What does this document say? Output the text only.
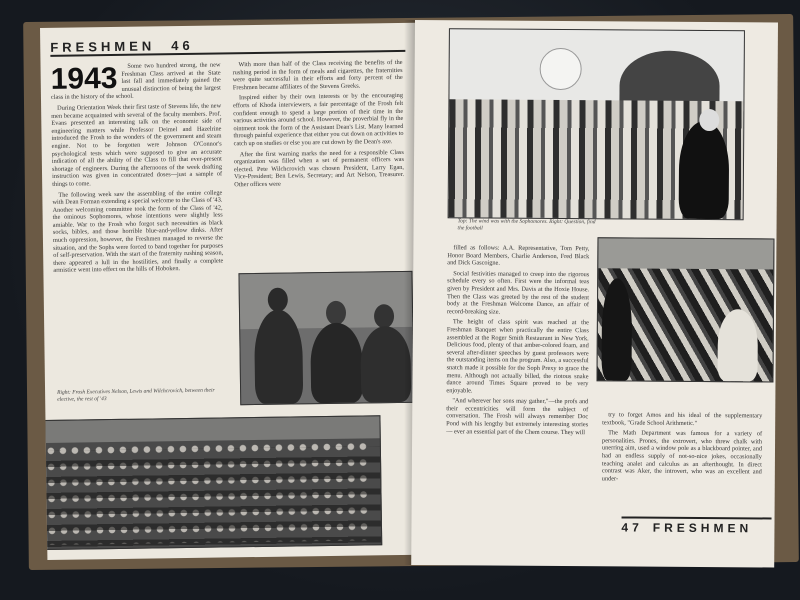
FRESHMEN 46
1943	Some two hundred strong, the new Freshman Class arrived at the State last fall and immediately gained the unusual distinction of being the largest class in the history of the school.

During Orientation Week their first taste of Stevens life, the new men became acquainted with several of the faculty members. Prof. Evans presented an interesting talk on the economic side of engineering matters while Professor Deimel and Hazelrine introduced the Frosh to the wonders of the government and steam engine. Not to be forgotten were Johnson O'Connor's psychological tests which were supposed to give an accurate indication of all the ability of the Class to fill that ever-present shortage of engineers. During the afternoons of the week drafting instruction was given in concentrated doses—just a sample of things to come.

The following week saw the assembling of the entire college with Dean Forman extending a special welcome to the Class of '43. Another welcoming committee took the form of the Class of '42, the ominous Sophomores, whose intentions were slightly less amiable. War to the Frosh who forgot such necessities as black socks, bibles, and those horrible blue-and-yellow dinks. After much oppression, however, the Freshmen managed to reverse the situation, and the Sophs were forced to band together for purposes of self-preservation. With the start of the fraternity rushing season, there appeared a lull in the hostilities, and finally a complete armistice went into effect on the hills of Hoboken.

With more than half of the Class receiving the benefits of the rushing period in the form of meals and cigarettes, the fraternities were quite successful in their efforts and forty percent of the Freshmen became affiliates of the Stevens Greeks.

Inspired either by their own interests or by the encouraging efforts of Khoda interviewers, a fair percentage of the Frosh felt confident enough to spend a large portion of their time in the various activities around school. However, the proverbial fly in the ointment took the form of the Assistant Dean's List. Many learned through painful experience that either you cut down on activities to catch up on studies or else you are cut down by the Dean's axe.

After the first warning marks the need for a responsible Class organization was filled when a set of permanent officers was elected. Pete Wilchcrovich was chosen President, Larry Egan, Vice-President; Ben Lewis, Secretary; and Art Nelson, Treasurer. Other offices were

Right: Frosh Executives Nelson, Lewis and Wilchcrovich, between their elective, the rest of '43
Top: The wind was with the Sophomores. Right: Question, find the football

filled as follows: A.A. Representative, Tom Petty, Honor Board Members, Charlie Anderson, Fred Black and Dick Gascoigne.

Social festivities managed to creep into the rigorous schedule every so often. First were the informal teas given by President and Mrs. Davis at the Hoxie House. Then the Class was greeted by the rest of the student body at the Freshman Welcome Dance, an affair of record-breaking size.

The height of class spirit was reached at the Freshman Banquet when practically the entire Class assembled at the Roger Smith Restaurant in New York. Delicious food, plenty of that amber-colored foam, and several after-dinner speeches by guest professors were the outstanding items on the program. Also, a successful snatch made it possible for the Soph Prexy to grace the menu. Although not actually billed, the riotous snake dance around Times Square proved to be very enjoyable.

"And wherever her sons may gather,"—the profs and their eccentricities will form the subject of conversation. The Frosh will always remember Doc Pond with his lengthy but extremely interesting stories — ever an essential part of the Chem course. They will

try to forget Amos and his ideal of the supplementary textbook, "Grade School Arithmetic."

The Math Department was famous for a variety of personalities. Prones, the extrovert, who threw chalk with unerring aim, used a window pole as a blackboard pointer, and had an endless supply of not-so-nice jokes, occasionally teaching analet and calculus as an afterthought. In direct contrast was Aker, the introvert, who was an excellent and under-

47 FRESHMEN
